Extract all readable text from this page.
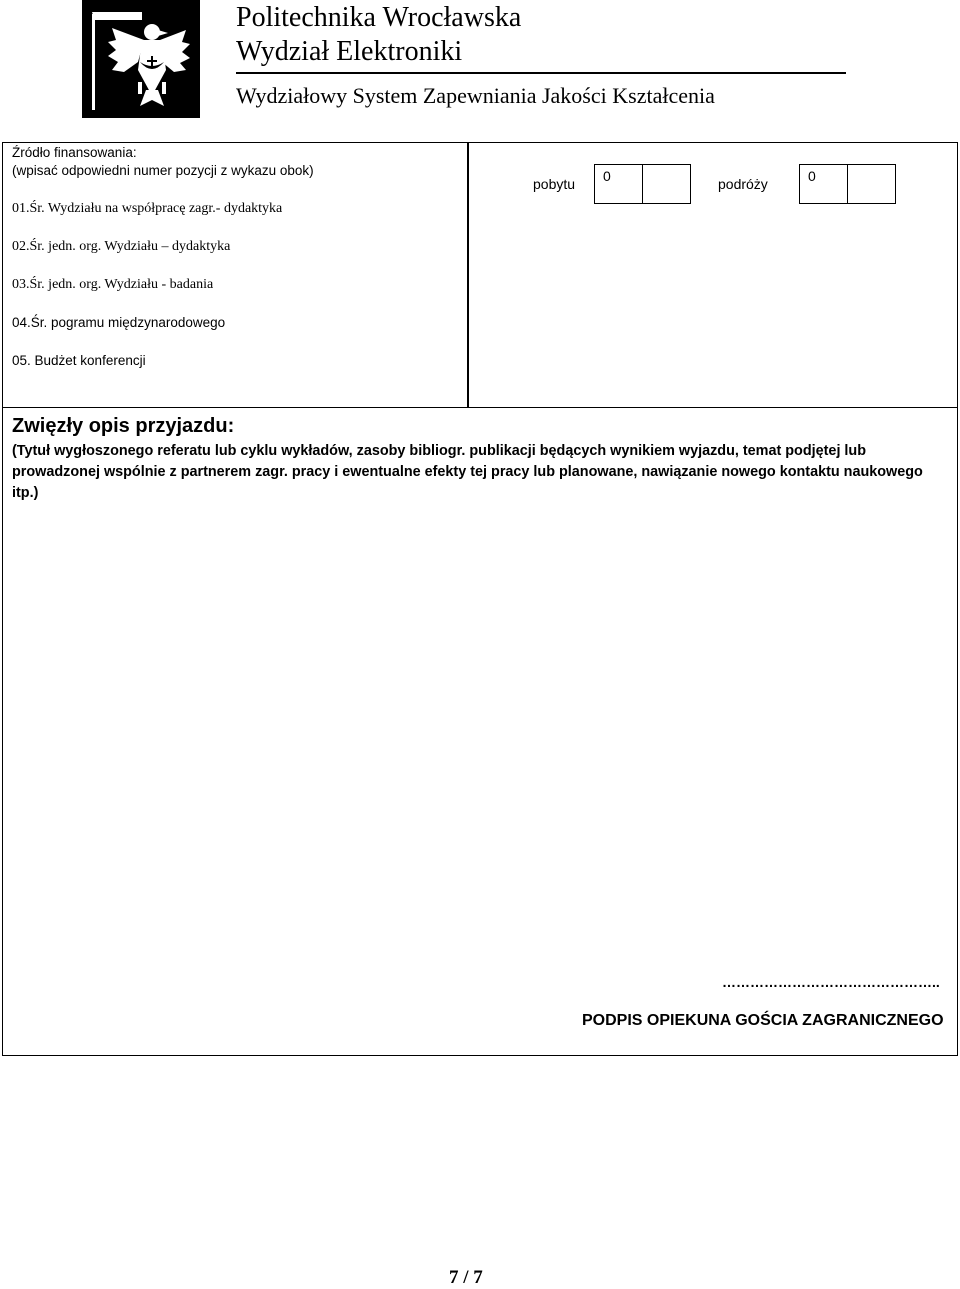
Politechnika Wrocławska
Wydział Elektroniki
Wydziałowy System Zapewniania Jakości Kształcenia
Źródło finansowania:
(wpisać odpowiedni numer pozycji z wykazu obok)
01.Śr. Wydziału na współpracę zagr.- dydaktyka
02.Śr. jedn. org. Wydziału – dydaktyka
03.Śr. jedn. org. Wydziału - badania
04.Śr. pogramu międzynarodowego
05. Budżet konferencji
pobytu	0	podróży	0
Zwięzły opis przyjazdu:
(Tytuł wygłoszonego referatu lub cyklu wykładów, zasoby bibliogr. publikacji będących wynikiem wyjazdu, temat podjętej lub prowadzonej wspólnie z partnerem zagr. pracy i ewentualne efekty tej pracy lub planowane, nawiązanie nowego kontaktu naukowego itp.)
………………………………………..
PODPIS OPIEKUNA GOŚCIA ZAGRANICZNEGO
7 / 7
